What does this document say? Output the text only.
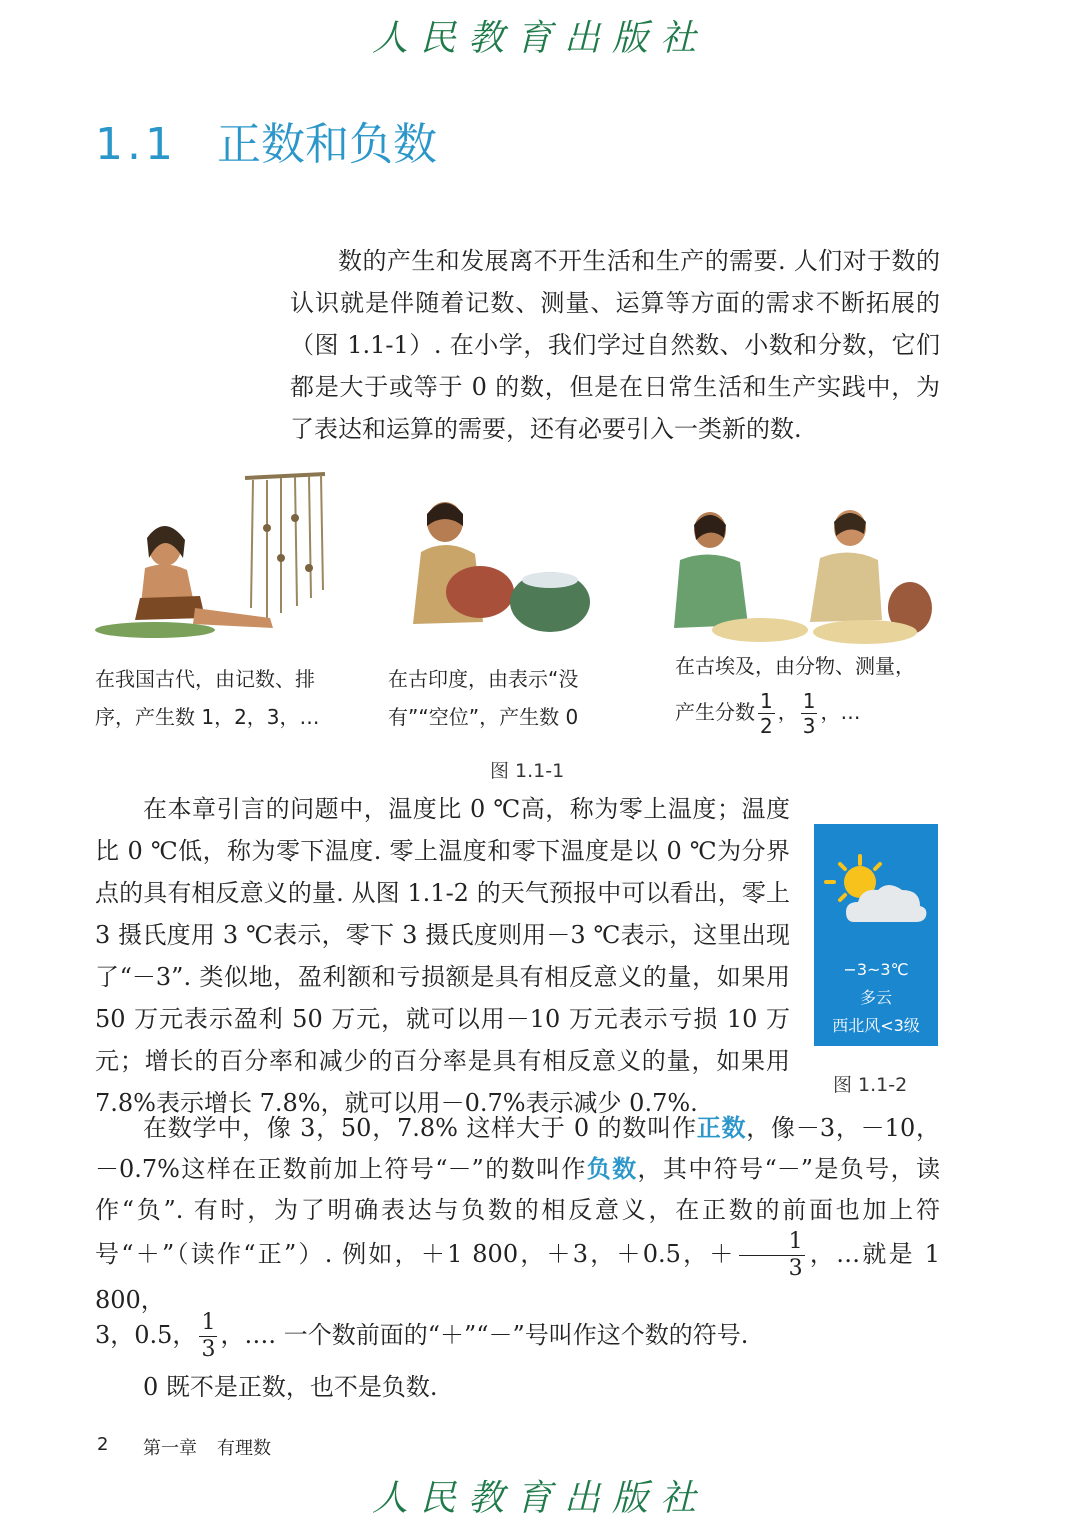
人民教育出版社
1.1 正数和负数
数的产生和发展离不开生活和生产的需要. 人们对于数的认识就是伴随着记数、测量、运算等方面的需求不断拓展的（图 1.1-1）. 在小学，我们学过自然数、小数和分数，它们都是大于或等于 0 的数，但是在日常生活和生产实践中，为了表达和运算的需要，还有必要引入一类新的数.
在我国古代，由记数、排
序，产生数 1，2，3，…
在古印度，由表示“没
有”“空位”，产生数 0
在古埃及，由分物、测量，
产生分数 $\frac{1}{2}$ ， $\frac{1}{3}$ ，…
图 1.1-1
在本章引言的问题中，温度比 0 ℃高，称为零上温度；温度比 0 ℃低，称为零下温度. 零上温度和零下温度是以 0 ℃为分界点的具有相反意义的量. 从图 1.1-2 的天气预报中可以看出，零上3 摄氏度用 3 ℃表示，零下 3 摄氏度则用－3 ℃表示，这里出现了“－3”. 类似地，盈利额和亏损额是具有相反意义的量，如果用 50 万元表示盈利 50 万元，就可以用－10 万元表示亏损 10 万元；增长的百分率和减少的百分率是具有相反意义的量，如果用 7.8%表示增长 7.8%，就可以用－0.7%表示减少 0.7%.
−3~3℃
多云
西北风<3级
图 1.1-2
在数学中，像 3，50，7.8% 这样大于 0 的数叫作正数，像－3，－10，－0.7%这样在正数前加上符号“－”的数叫作负数，其中符号“－”是负号，读作“负”. 有时，为了明确表达与负数的相反意义，在正数的前面也加上符号“＋”（读作“正”）. 例如，＋1 800，＋3，＋0.5，＋ $\frac{1}{3}$ ，…就是 1 800，
3，0.5， $\frac{1}{3}$ ，…. 一个数前面的“＋”“－”号叫作这个数的符号.
0 既不是正数，也不是负数.
2 第一章 有理数
人民教育出版社
